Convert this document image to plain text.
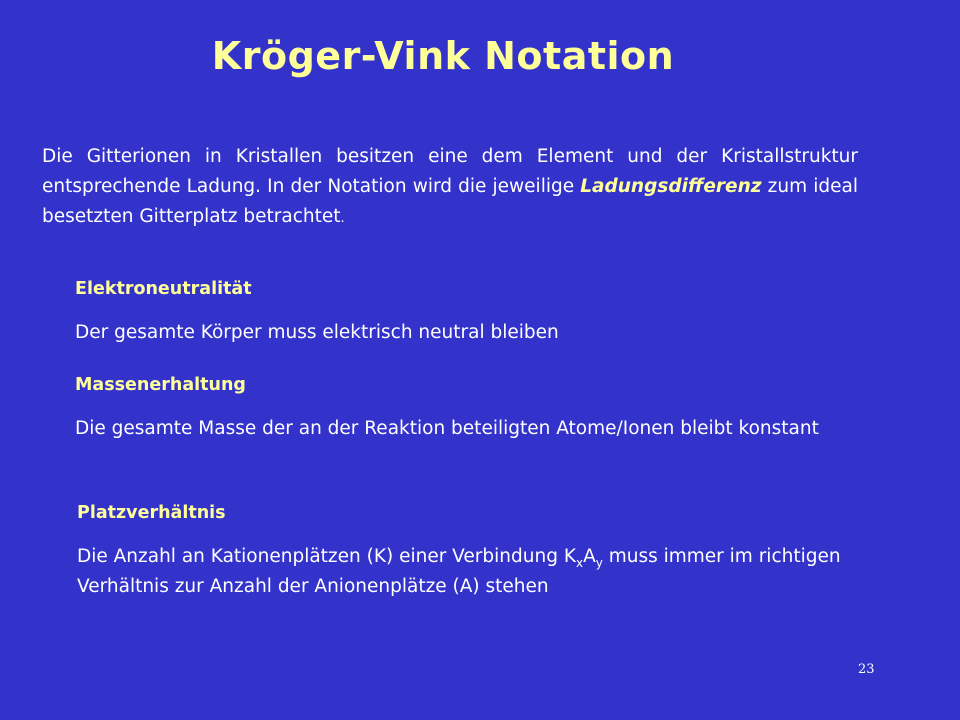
Kröger-Vink Notation
Die Gitterionen in Kristallen besitzen eine dem Element und der Kristallstruktur entsprechende Ladung. In der Notation wird die jeweilige Ladungsdifferenz zum ideal besetzten Gitterplatz betrachtet.
Elektroneutralität
Der gesamte Körper muss elektrisch neutral bleiben
Massenerhaltung
Die gesamte Masse der an der Reaktion beteiligten Atome/Ionen bleibt konstant
Platzverhältnis
Die Anzahl an Kationenplätzen (K) einer Verbindung $K_xA_y$ muss immer im richtigen Verhältnis zur Anzahl der Anionenplätze (A) stehen
23
